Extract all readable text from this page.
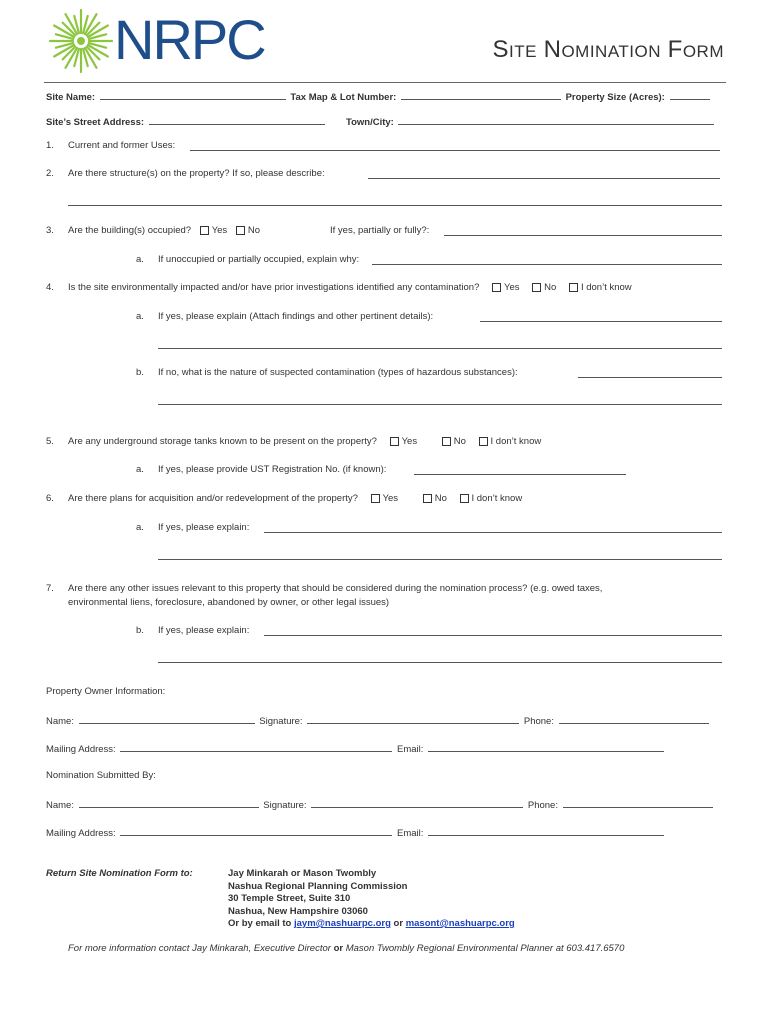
NRPC	SITE NOMINATION FORM
Site Name:	Tax Map & Lot Number:	Property Size (Acres):
Site’s Street Address:	Town/City:
1. Current and former Uses:
2. Are there structure(s) on the property? If so, please describe:
3. Are the building(s) occupied? Yes No	If yes, partially or fully?:
a. If unoccupied or partially occupied, explain why:
4. Is the site environmentally impacted and/or have prior investigations identified any contamination?	Yes	No	I don’t know
a. If yes, please explain (Attach findings and other pertinent details):
b. If no, what is the nature of suspected contamination (types of hazardous substances):
5. Are any underground storage tanks known to be present on the property?	Yes	No	I don’t know
a. If yes, please provide UST Registration No. (if known):
6. Are there plans for acquisition and/or redevelopment of the property?	Yes	No	I don’t know
a. If yes, please explain:
7. Are there any other issues relevant to this property that should be considered during the nomination process? (e.g. owed taxes,
environmental liens, foreclosure, abandoned by owner, or other legal issues)
b. If yes, please explain:
Property Owner Information:
Name:	Signature:	Phone:
Mailing Address:	Email:
Nomination Submitted By:
Name:	Signature:	Phone:
Mailing Address:	Email:
Return Site Nomination Form to:	Jay Minkarah or Mason Twombly
Nashua Regional Planning Commission
30 Temple Street, Suite 310
Nashua, New Hampshire 03060
Or by email to jaym@nashuarpc.org or masont@nashuarpc.org
For more information contact Jay Minkarah, Executive Director or Mason Twombly Regional Environmental Planner at 603.417.6570
